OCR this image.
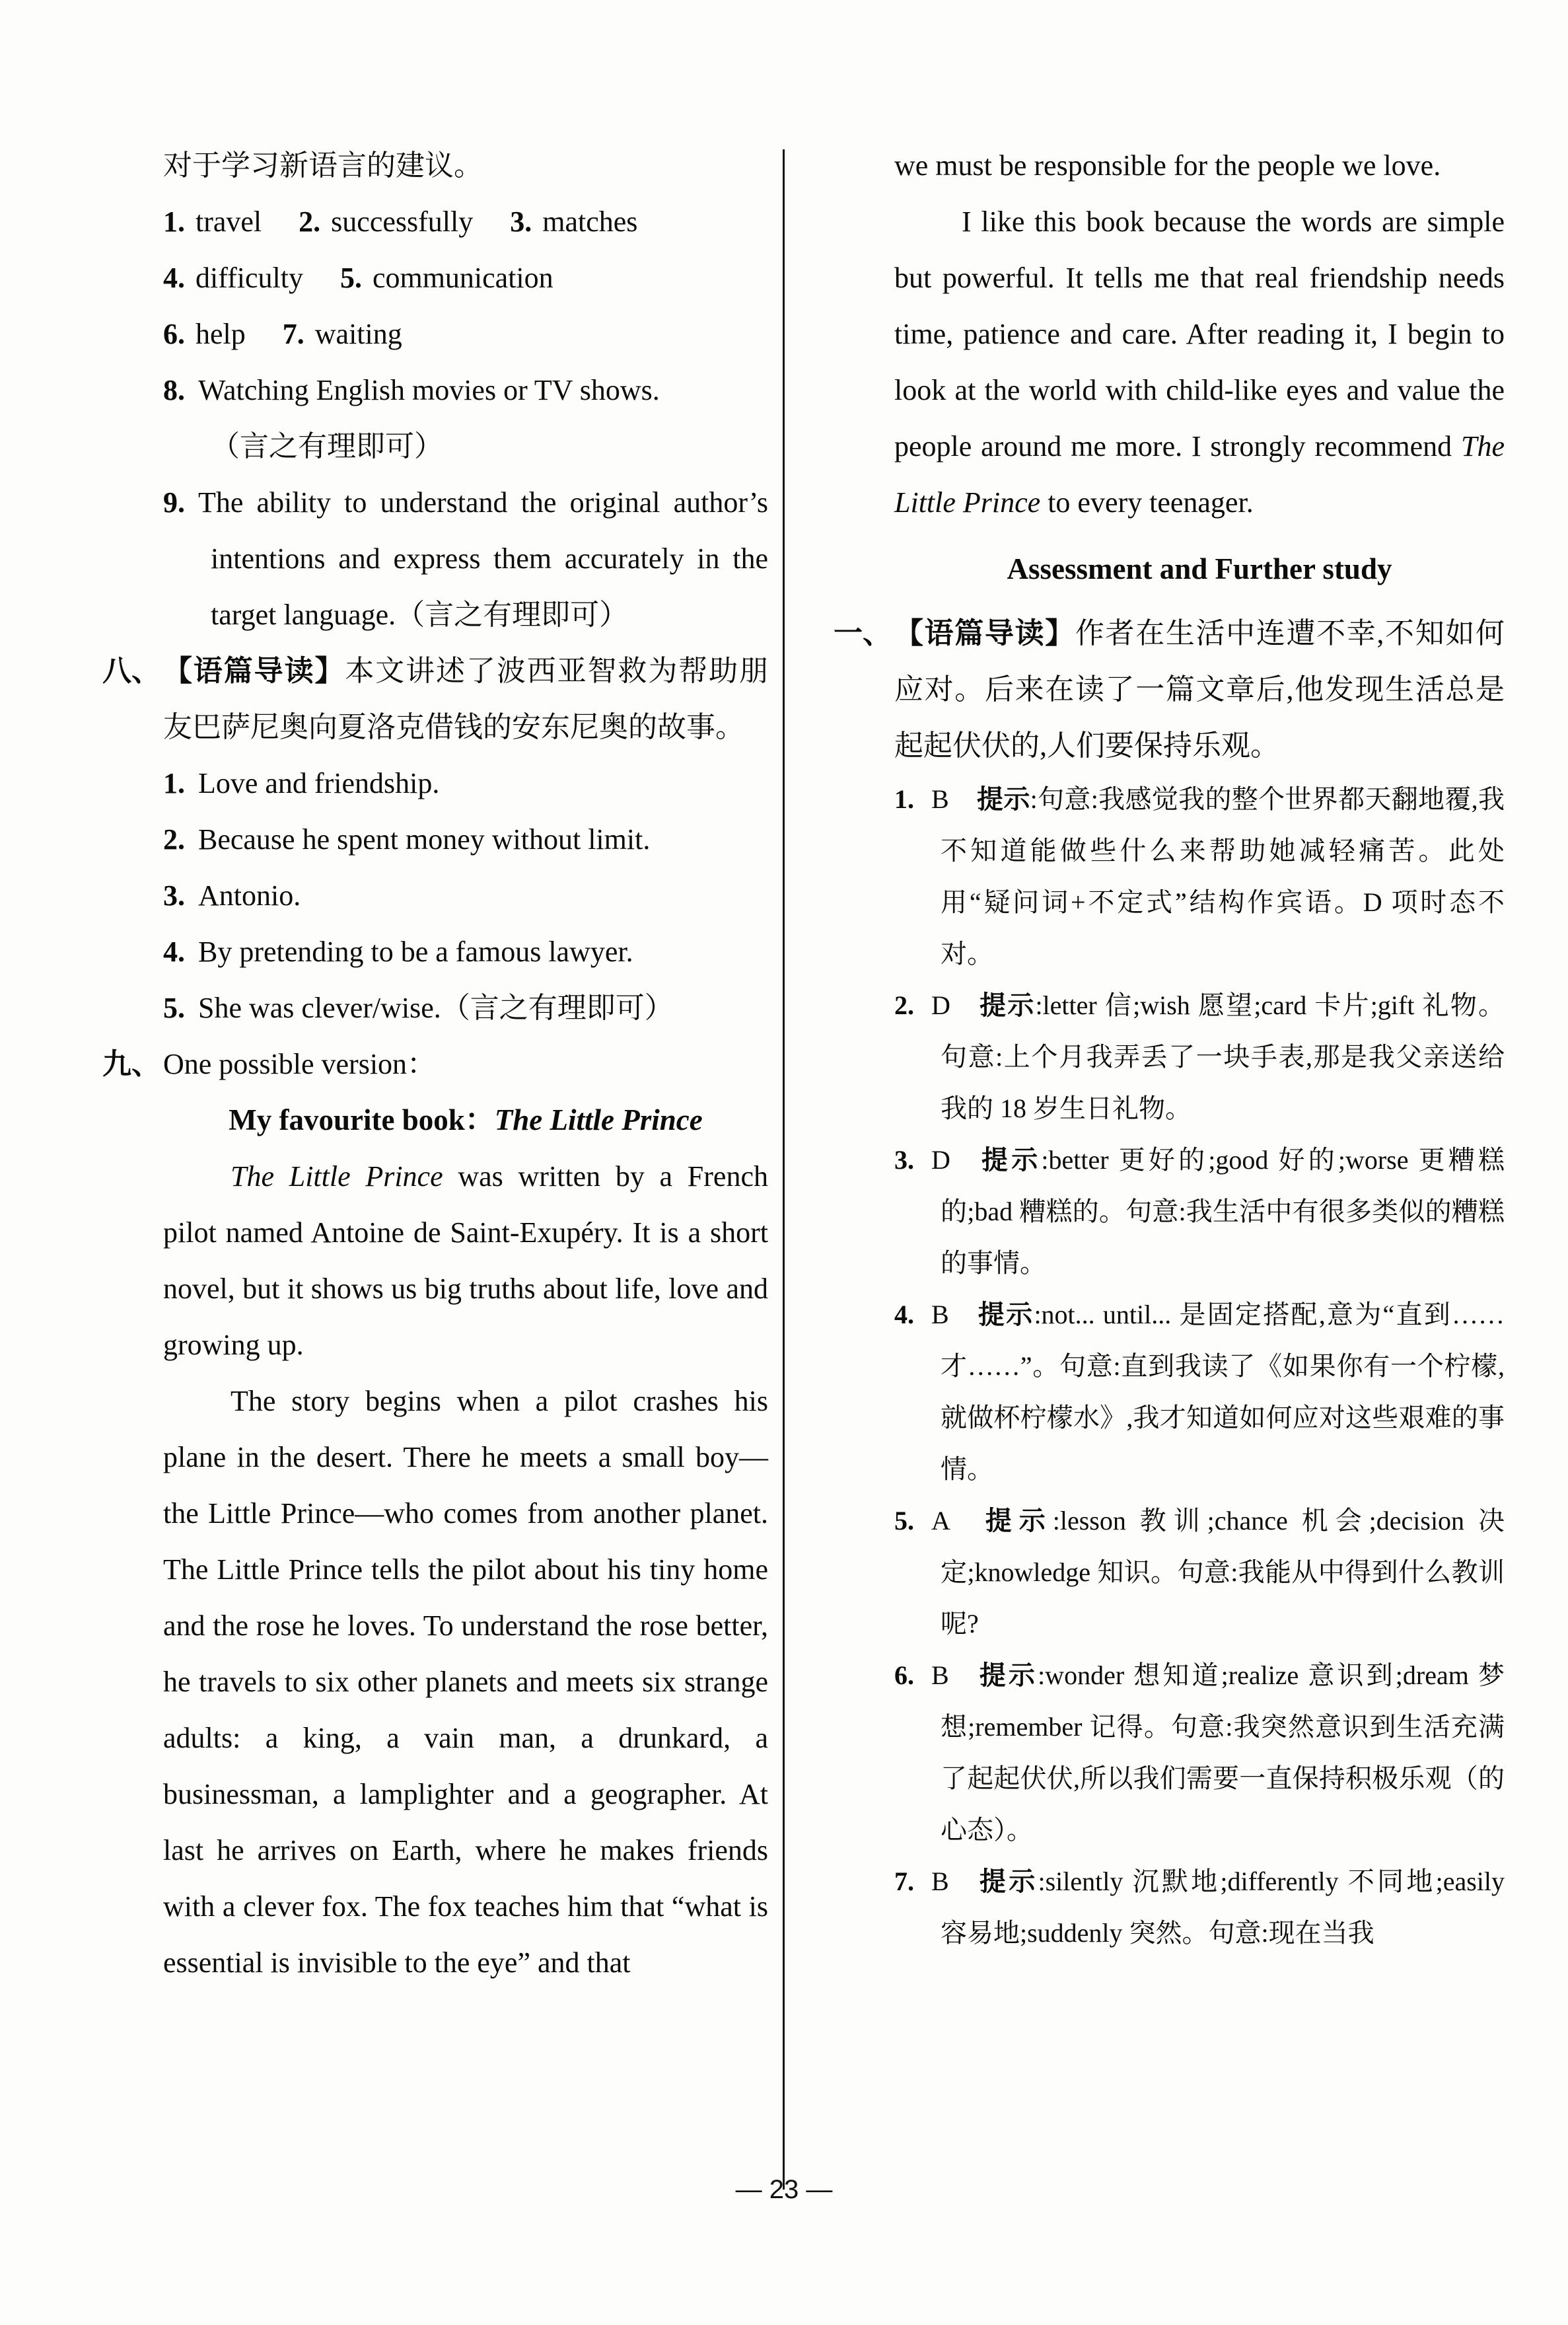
对于学习新语言的建议。
1. travel 2. successfully 3. matches
4. difficulty 5. communication
6. help 7. waiting
8. Watching English movies or TV shows.
（言之有理即可）
9. The ability to understand the original author’s intentions and express them accurately in the target language.（言之有理即可）
八、 【语篇导读】本文讲述了波西亚智救为帮助朋友巴萨尼奥向夏洛克借钱的安东尼奥的故事。
1. Love and friendship.
2. Because he spent money without limit.
3. Antonio.
4. By pretending to be a famous lawyer.
5. She was clever/wise.（言之有理即可）
九、 One possible version：
My favourite book：The Little Prince

The Little Prince was written by a French pilot named Antoine de Saint-Exupéry. It is a short novel, but it shows us big truths about life, love and growing up.

The story begins when a pilot crashes his plane in the desert. There he meets a small boy—the Little Prince—who comes from another planet. The Little Prince tells the pilot about his tiny home and the rose he loves. To understand the rose better, he travels to six other planets and meets six strange adults: a king, a vain man, a drunkard, a businessman, a lamplighter and a geographer. At last he arrives on Earth, where he makes friends with a clever fox. The fox teaches him that “what is essential is invisible to the eye” and that

we must be responsible for the people we love.

I like this book because the words are simple but powerful. It tells me that real friendship needs time, patience and care. After reading it, I begin to look at the world with child-like eyes and value the people around me more. I strongly recommend The Little Prince to every teenager.

Assessment and Further study
一、 【语篇导读】作者在生活中连遭不幸,不知如何应对。后来在读了一篇文章后,他发现生活总是起起伏伏的,人们要保持乐观。
1. B 提示:句意:我感觉我的整个世界都天翻地覆,我不知道能做些什么来帮助她减轻痛苦。此处用“疑问词+不定式”结构作宾语。D 项时态不对。
2. D 提示:letter 信;wish 愿望;card 卡片;gift 礼物。句意:上个月我弄丢了一块手表,那是我父亲送给我的 18 岁生日礼物。
3. D 提示:better 更好的;good 好的;worse 更糟糕的;bad 糟糕的。句意:我生活中有很多类似的糟糕的事情。
4. B 提示:not... until... 是固定搭配,意为“直到……才……”。句意:直到我读了《如果你有一个柠檬,就做杯柠檬水》,我才知道如何应对这些艰难的事情。
5. A 提示:lesson 教训;chance 机会;decision 决定;knowledge 知识。句意:我能从中得到什么教训呢?
6. B 提示:wonder 想知道;realize 意识到;dream 梦想;remember 记得。句意:我突然意识到生活充满了起起伏伏,所以我们需要一直保持积极乐观（的心态）。
7. B 提示:silently 沉默地;differently 不同地;easily 容易地;suddenly 突然。句意:现在当我
— 23 —
